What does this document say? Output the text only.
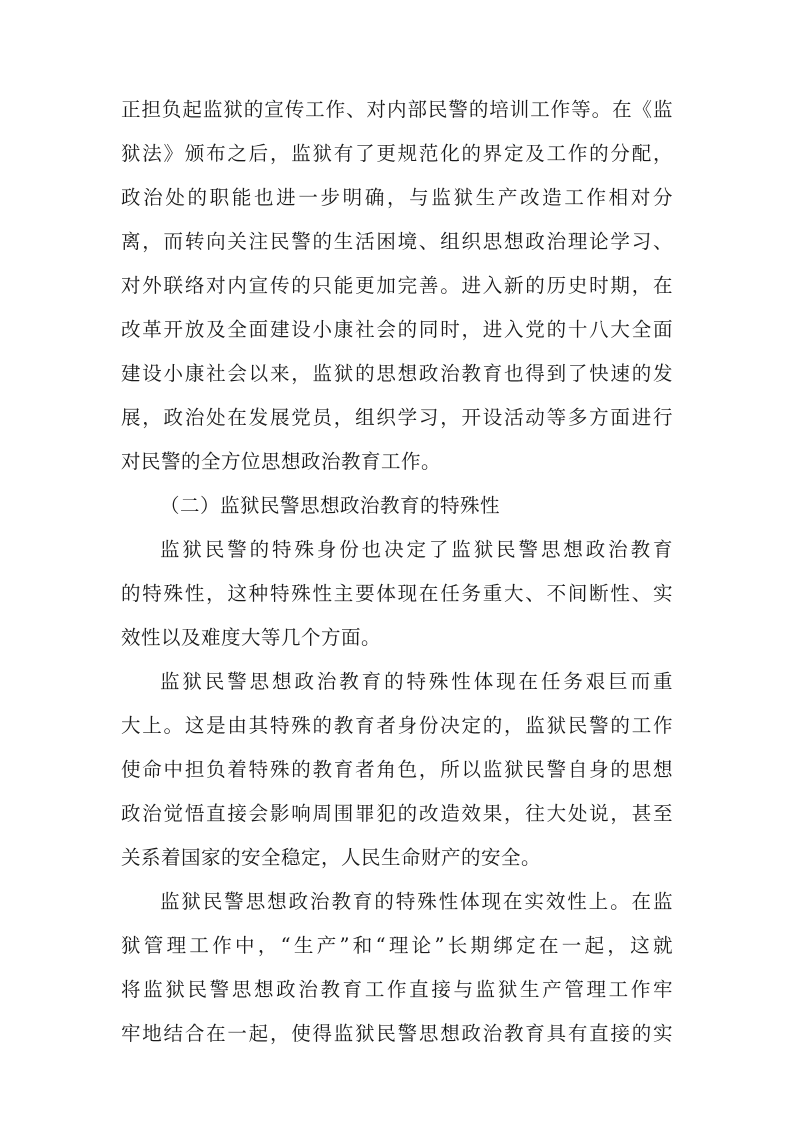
正担负起监狱的宣传工作、对内部民警的培训工作等。在《监
狱法》颁布之后，监狱有了更规范化的界定及工作的分配，
政治处的职能也进一步明确，与监狱生产改造工作相对分
离，而转向关注民警的生活困境、组织思想政治理论学习、
对外联络对内宣传的只能更加完善。进入新的历史时期，在
改革开放及全面建设小康社会的同时，进入党的十八大全面
建设小康社会以来，监狱的思想政治教育也得到了快速的发
展，政治处在发展党员，组织学习，开设活动等多方面进行
对民警的全方位思想政治教育工作。
（二）监狱民警思想政治教育的特殊性
监狱民警的特殊身份也决定了监狱民警思想政治教育
的特殊性，这种特殊性主要体现在任务重大、不间断性、实
效性以及难度大等几个方面。
监狱民警思想政治教育的特殊性体现在任务艰巨而重
大上。这是由其特殊的教育者身份决定的，监狱民警的工作
使命中担负着特殊的教育者角色，所以监狱民警自身的思想
政治觉悟直接会影响周围罪犯的改造效果，往大处说，甚至
关系着国家的安全稳定，人民生命财产的安全。
监狱民警思想政治教育的特殊性体现在实效性上。在监
狱管理工作中，“生产”和“理论”长期绑定在一起，这就
将监狱民警思想政治教育工作直接与监狱生产管理工作牢
牢地结合在一起，使得监狱民警思想政治教育具有直接的实
